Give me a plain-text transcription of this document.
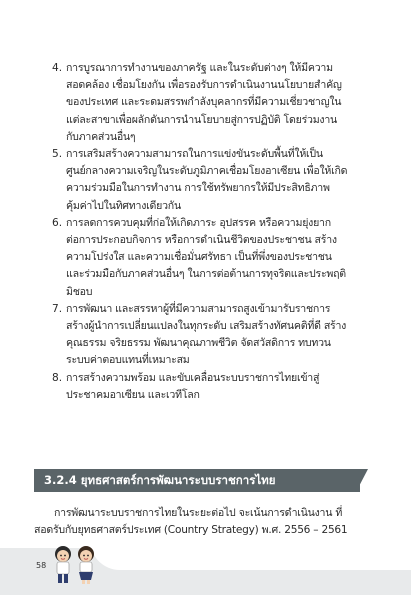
4. การบูรณาการทำงานของภาครัฐ และในระดับต่างๆ ให้มีความ
สอดคล้อง เชื่อมโยงกัน เพื่อรองรับการดำเนินงานนโยบายสำคัญ
ของประเทศ และระดมสรรพกำลังบุคลากรที่มีความเชี่ยวชาญใน
แต่ละสาขาเพื่อผลักดันการนำนโยบายสู่การปฏิบัติ โดยร่วมงาน
กับภาคส่วนอื่นๆ
5. การเสริมสร้างความสามารถในการแข่งขันระดับพื้นที่ให้เป็น
ศูนย์กลางความเจริญในระดับภูมิภาคเชื่อมโยงอาเซียน เพื่อให้เกิด
ความร่วมมือในการทำงาน การใช้ทรัพยากรให้มีประสิทธิภาพ
คุ้มค่าไปในทิศทางเดียวกัน
6. การลดการควบคุมที่ก่อให้เกิดภาระ อุปสรรค หรือความยุ่งยาก
ต่อการประกอบกิจการ หรือการดำเนินชีวิตของประชาชน สร้าง
ความโปร่งใส และความเชื่อมั่นศรัทธา เป็นที่พึ่งของประชาชน
และร่วมมือกับภาคส่วนอื่นๆ ในการต่อต้านการทุจริตและประพฤติ
มิชอบ
7. การพัฒนา และสรรหาผู้ที่มีความสามารถสูงเข้ามารับราชการ
สร้างผู้นำการเปลี่ยนแปลงในทุกระดับ เสริมสร้างทัศนคติที่ดี สร้าง
คุณธรรม จริยธรรม พัฒนาคุณภาพชีวิต จัดสวัสดิการ ทบทวน
ระบบค่าตอบแทนที่เหมาะสม
8. การสร้างความพร้อม และขับเคลื่อนระบบราชการไทยเข้าสู่
ประชาคมอาเซียน และเวทีโลก
3.2.4 ยุทธศาสตร์การพัฒนาระบบราชการไทย
การพัฒนาระบบราชการไทยในระยะต่อไป จะเน้นการดำเนินงาน ที่
สอดรับกับยุทธศาสตร์ประเทศ (Country Strategy) พ.ศ. 2556 – 2561
58
